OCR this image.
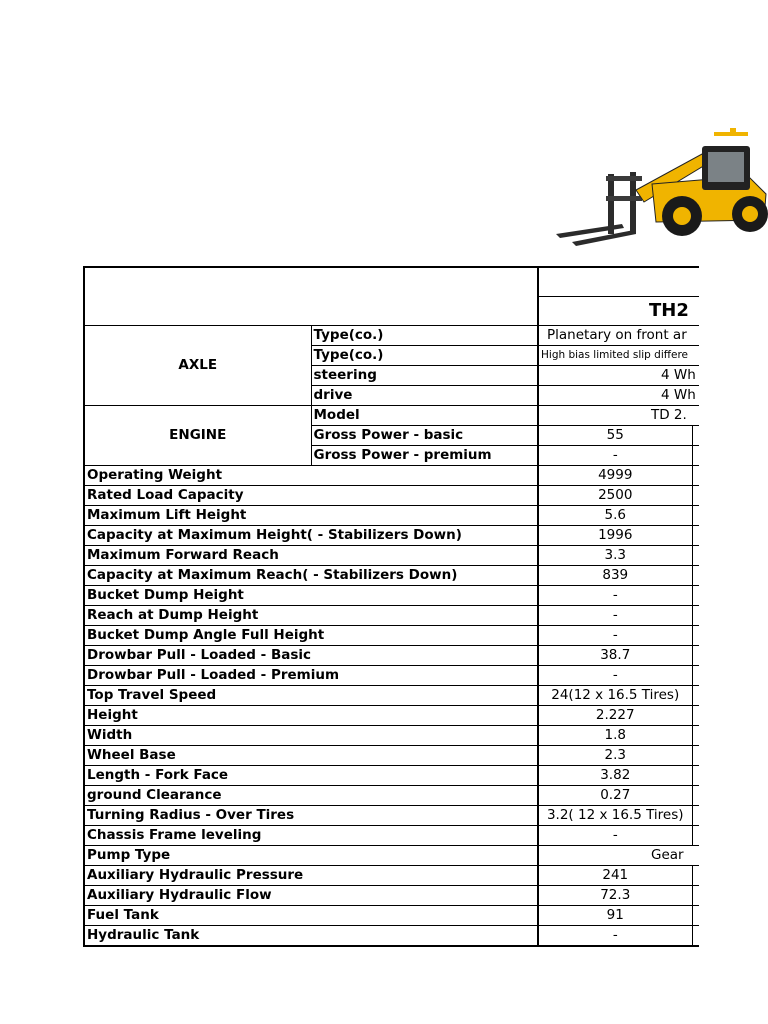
		TH2	
AXLE	Type(co.)	Planetary on front ar	
	Type(co.)	High bias limited slip differe	
	steering	4 Wh	
	drive	4 Wh	
ENGINE	Model	TD 2.	
	Gross Power - basic	55	
	Gross Power - premium	-	
Operating Weight		4999	
Rated Load Capacity		2500	
Maximum Lift Height		5.6	
Capacity at Maximum Height( - Stabilizers Down)		1996	
Maximum Forward Reach		3.3	
Capacity at Maximum Reach( - Stabilizers Down)		839	
Bucket Dump Height		-	
Reach at Dump Height		-	
Bucket Dump Angle Full Height		-	
Drowbar Pull - Loaded - Basic		38.7	
Drowbar Pull - Loaded - Premium		-	
Top Travel Speed		24(12 x 16.5 Tires)	
Height		2.227	
Width		1.8	
Wheel Base		2.3	
Length - Fork Face		3.82	
ground Clearance		0.27	
Turning Radius - Over Tires		3.2( 12 x 16.5 Tires)	
Chassis Frame leveling		-	
Pump Type		Gear	
Auxiliary Hydraulic Pressure		241	
Auxiliary Hydraulic Flow		72.3	
Fuel Tank		91	
Hydraulic Tank		-	
